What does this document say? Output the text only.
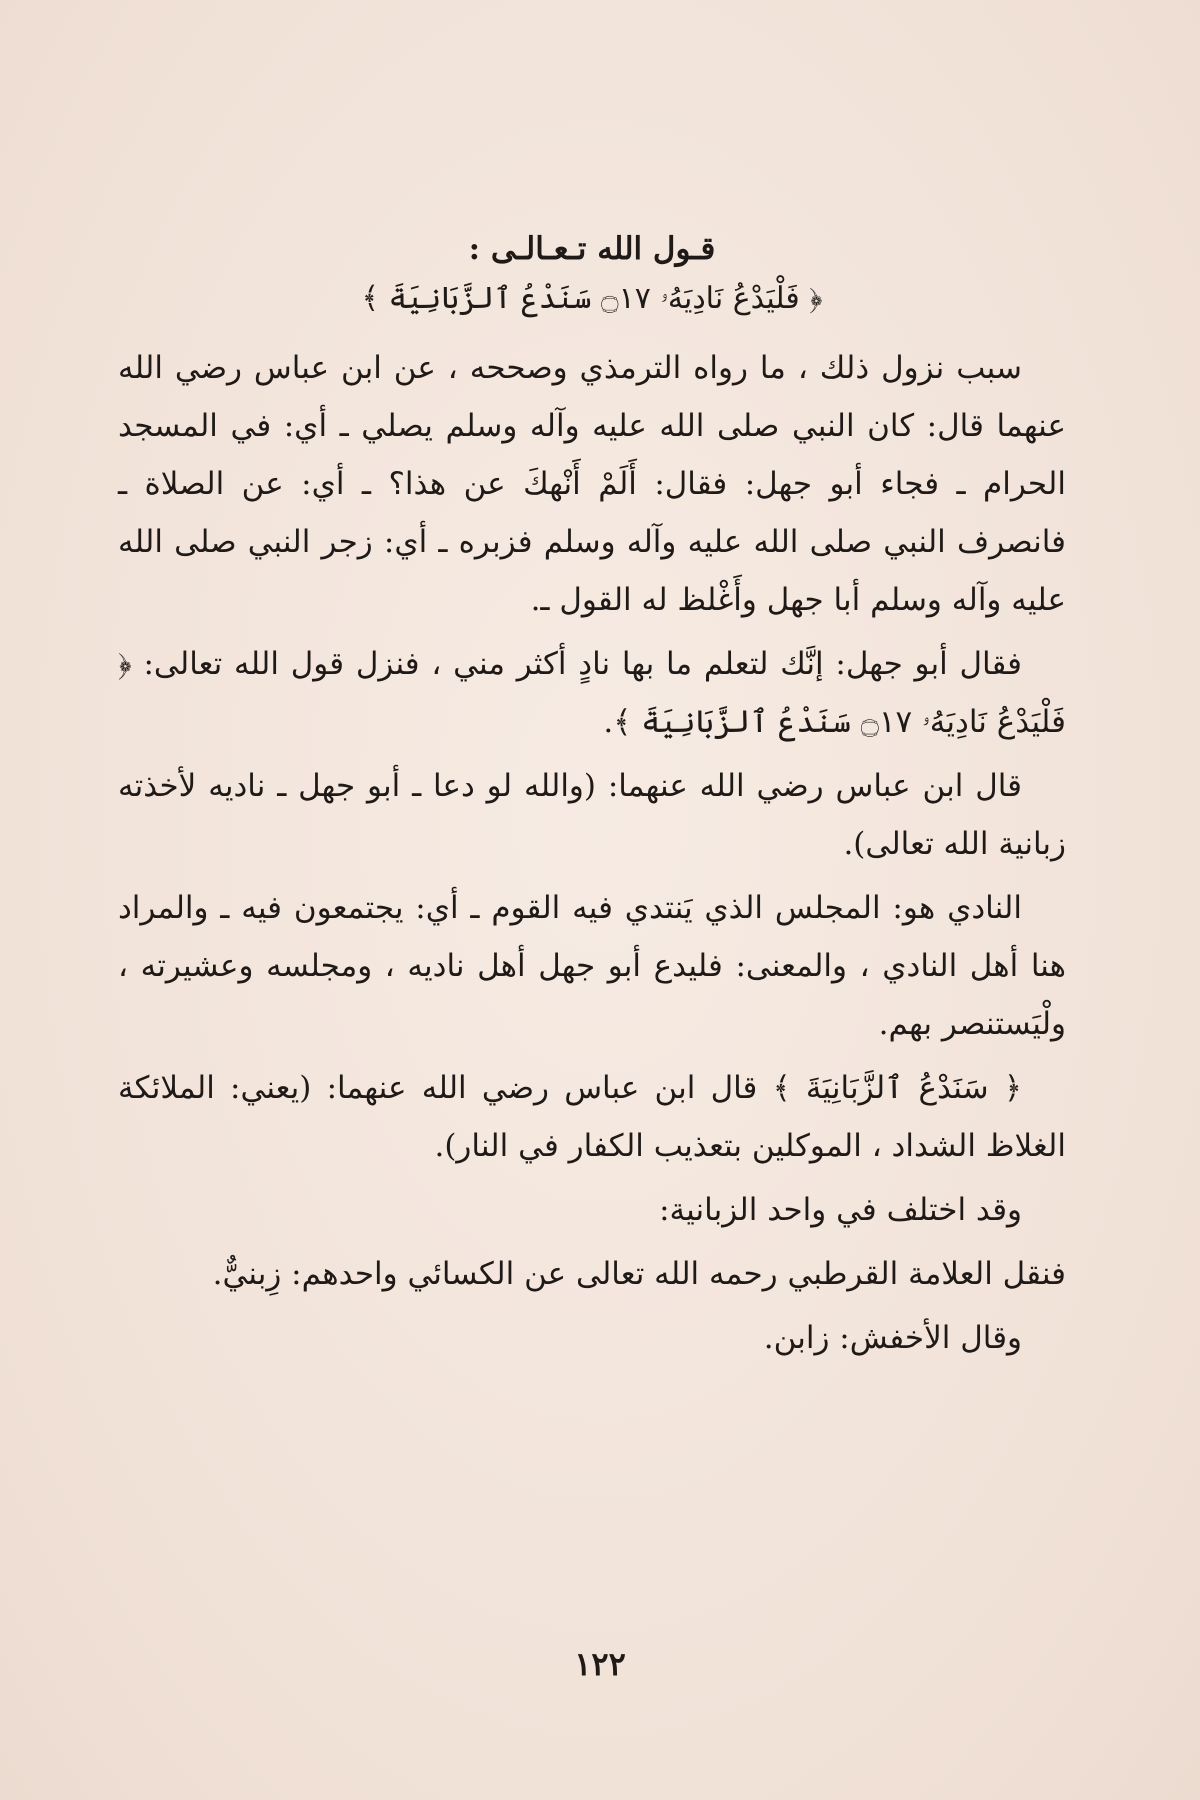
قـول الله تـعـالـى :

﴿ فَلْيَدْعُ نَادِيَهُۥ ۝١٧ سَنَدْعُ ٱلزَّبَانِيَةَ ﴾

سبب نزول ذلك ، ما رواه الترمذي وصححه ، عن ابن عباس رضي الله عنهما قال: كان النبي صلى الله عليه وآله وسلم يصلي ـ أي: في المسجد الحرام ـ فجاء أبو جهل: فقال: أَلَمْ أَنْهكَ عن هذا؟ ـ أي: عن الصلاة ـ فانصرف النبي صلى الله عليه وآله وسلم فزبره ـ أي: زجر النبي صلى الله عليه وآله وسلم أبا جهل وأَغْلظ له القول ـ.

فقال أبو جهل: إنَّك لتعلم ما بها نادٍ أكثر مني ، فنزل قول الله تعالى: ﴿ فَلْيَدْعُ نَادِيَهُۥ ۝١٧ سَنَدْعُ ٱلزَّبَانِيَةَ ﴾.

قال ابن عباس رضي الله عنهما: (والله لو دعا ـ أبو جهل ـ ناديه لأخذته زبانية الله تعالى).

النادي هو: المجلس الذي يَنتدي فيه القوم ـ أي: يجتمعون فيه ـ والمراد هنا أهل النادي ، والمعنى: فليدع أبو جهل أهل ناديه ، ومجلسه وعشيرته ، ولْيَستنصر بهم.

﴿ سَنَدْعُ ٱلزَّبَانِيَةَ ﴾ قال ابن عباس رضي الله عنهما: (يعني: الملائكة الغلاظ الشداد ، الموكلين بتعذيب الكفار في النار).

وقد اختلف في واحد الزبانية:

فنقل العلامة القرطبي رحمه الله تعالى عن الكسائي واحدهم: زِبنيٌّ.

وقال الأخفش: زابن.

١٢٢
